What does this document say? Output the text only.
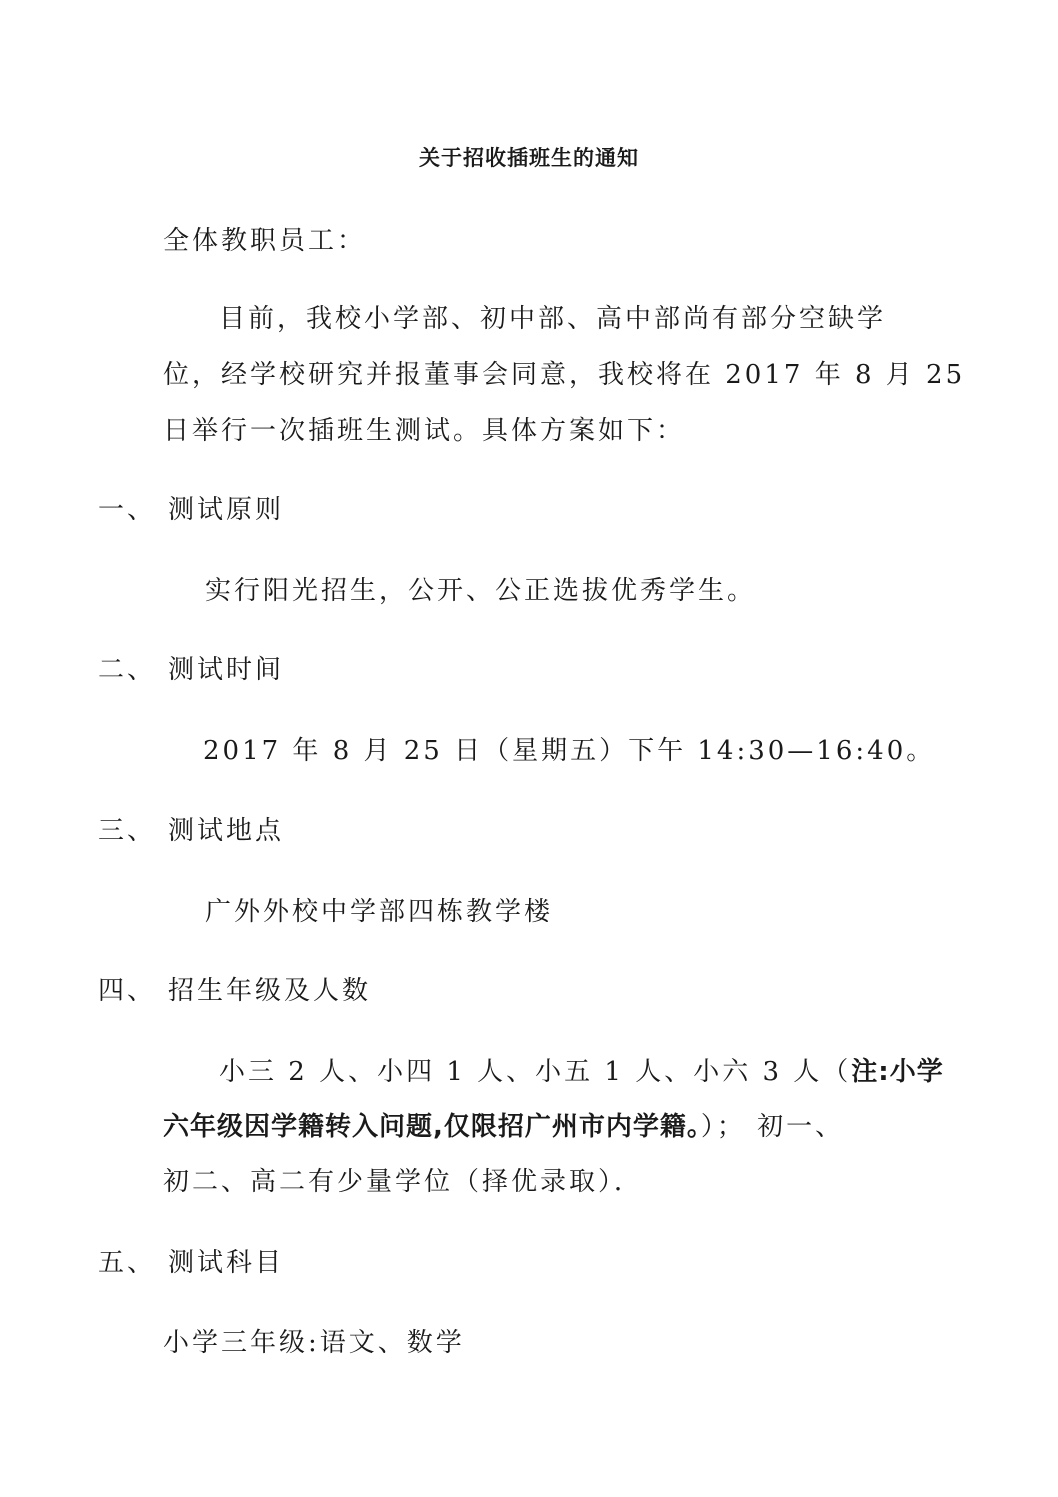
关于招收插班生的通知
全体教职员工：
目前，我校小学部、初中部、高中部尚有部分空缺学
位，经学校研究并报董事会同意，我校将在 2017 年 8 月 25
日举行一次插班生测试。具体方案如下：
一、 测试原则
实行阳光招生，公开、公正选拔优秀学生。
二、 测试时间
2017 年 8 月 25 日（星期五）下午 14:30—16:40。
三、 测试地点
广外外校中学部四栋教学楼
四、 招生年级及人数
小三 2 人、小四 1 人、小五 1 人、小六 3 人（注:小学
六年级因学籍转入问题,仅限招广州市内学籍。）； 初一、
初二、高二有少量学位（择优录取）．
五、 测试科目
小学三年级:语文、数学
